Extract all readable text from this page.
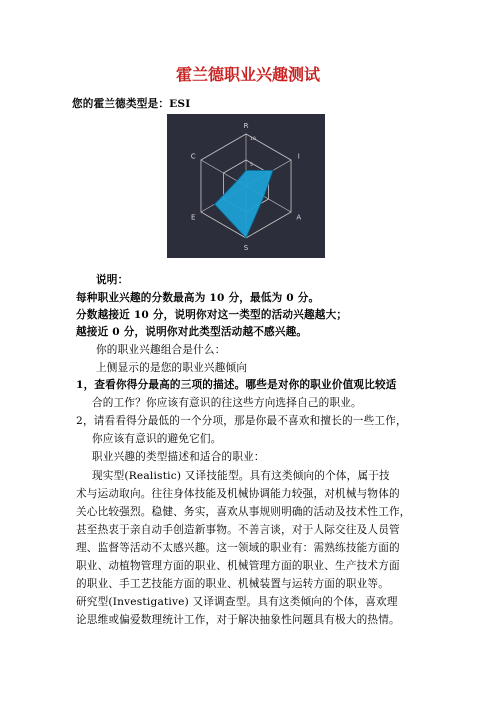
霍兰德职业兴趣测试
您的霍兰德类型是：ESI
R
I
A
S
E
C
10
5
说明：
每种职业兴趣的分数最高为 10 分，最低为 0 分。
分数越接近 10 分，说明你对这一类型的活动兴趣越大；
越接近 0 分，说明你对此类型活动越不感兴趣。
你的职业兴趣组合是什么：
上侧显示的是您的职业兴趣倾向
1，查看你得分最高的三项的描述。哪些是对你的职业价值观比较适
合的工作？你应该有意识的往这些方向选择自己的职业。
2，请看看得分最低的一个分项，那是你最不喜欢和擅长的一些工作，
你应该有意识的避免它们。
职业兴趣的类型描述和适合的职业：
现实型(Realistic) 又译技能型。具有这类倾向的个体，属于技
术与运动取向。往往身体技能及机械协调能力较强，对机械与物体的
关心比较强烈。稳健、务实，喜欢从事规则明确的活动及技术性工作，
甚至热衷于亲自动手创造新事物。不善言谈，对于人际交往及人员管
理、监督等活动不太感兴趣。这一领域的职业有：需熟练技能方面的
职业、动植物管理方面的职业、机械管理方面的职业、生产技术方面
的职业、手工艺技能方面的职业、机械装置与运转方面的职业等。
研究型(Investigative) 又译调查型。具有这类倾向的个体，喜欢理
论思维或偏爱数理统计工作，对于解决抽象性问题具有极大的热情。
